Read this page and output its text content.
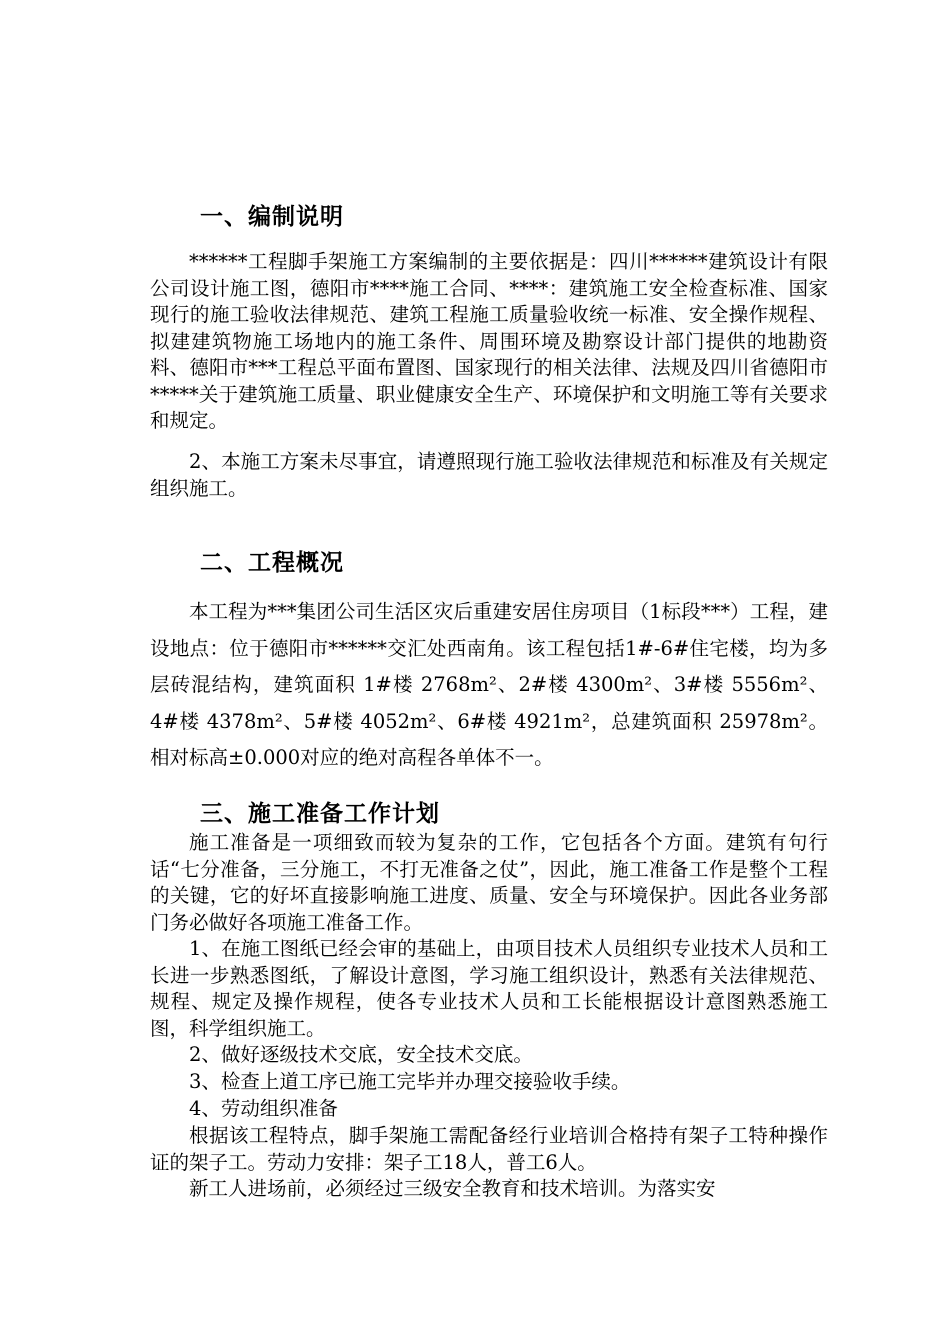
一、编制说明

******工程脚手架施工方案编制的主要依据是：四川******建筑设计有限公司设计施工图，德阳市****施工合同、****：建筑施工安全检查标准、国家现行的施工验收法律规范、建筑工程施工质量验收统一标准、安全操作规程、拟建建筑物施工场地内的施工条件、周围环境及勘察设计部门提供的地勘资料、德阳市***工程总平面布置图、国家现行的相关法律、法规及四川省德阳市*****关于建筑施工质量、职业健康安全生产、环境保护和文明施工等有关要求和规定。

2、本施工方案未尽事宜，请遵照现行施工验收法律规范和标准及有关规定组织施工。

二、工程概况

本工程为***集团公司生活区灾后重建安居住房项目（1标段***）工程，建设地点：位于德阳市******交汇处西南角。该工程包括1#-6#住宅楼，均为多层砖混结构，建筑面积 1#楼 2768m²、2#楼 4300m²、3#楼 5556m²、4#楼 4378m²、5#楼 4052m²、6#楼 4921m²，总建筑面积 25978m²。相对标高±0.000对应的绝对高程各单体不一。

三、施工准备工作计划

施工准备是一项细致而较为复杂的工作，它包括各个方面。建筑有句行话“七分准备，三分施工，不打无准备之仗”，因此，施工准备工作是整个工程的关键，它的好坏直接影响施工进度、质量、安全与环境保护。因此各业务部门务必做好各项施工准备工作。

1、在施工图纸已经会审的基础上，由项目技术人员组织专业技术人员和工长进一步熟悉图纸，了解设计意图，学习施工组织设计，熟悉有关法律规范、规程、规定及操作规程，使各专业技术人员和工长能根据设计意图熟悉施工图，科学组织施工。

2、做好逐级技术交底，安全技术交底。

3、检查上道工序已施工完毕并办理交接验收手续。

4、劳动组织准备

根据该工程特点，脚手架施工需配备经行业培训合格持有架子工特种操作证的架子工。劳动力安排：架子工18人，普工6人。

新工人进场前，必须经过三级安全教育和技术培训。为落实安
